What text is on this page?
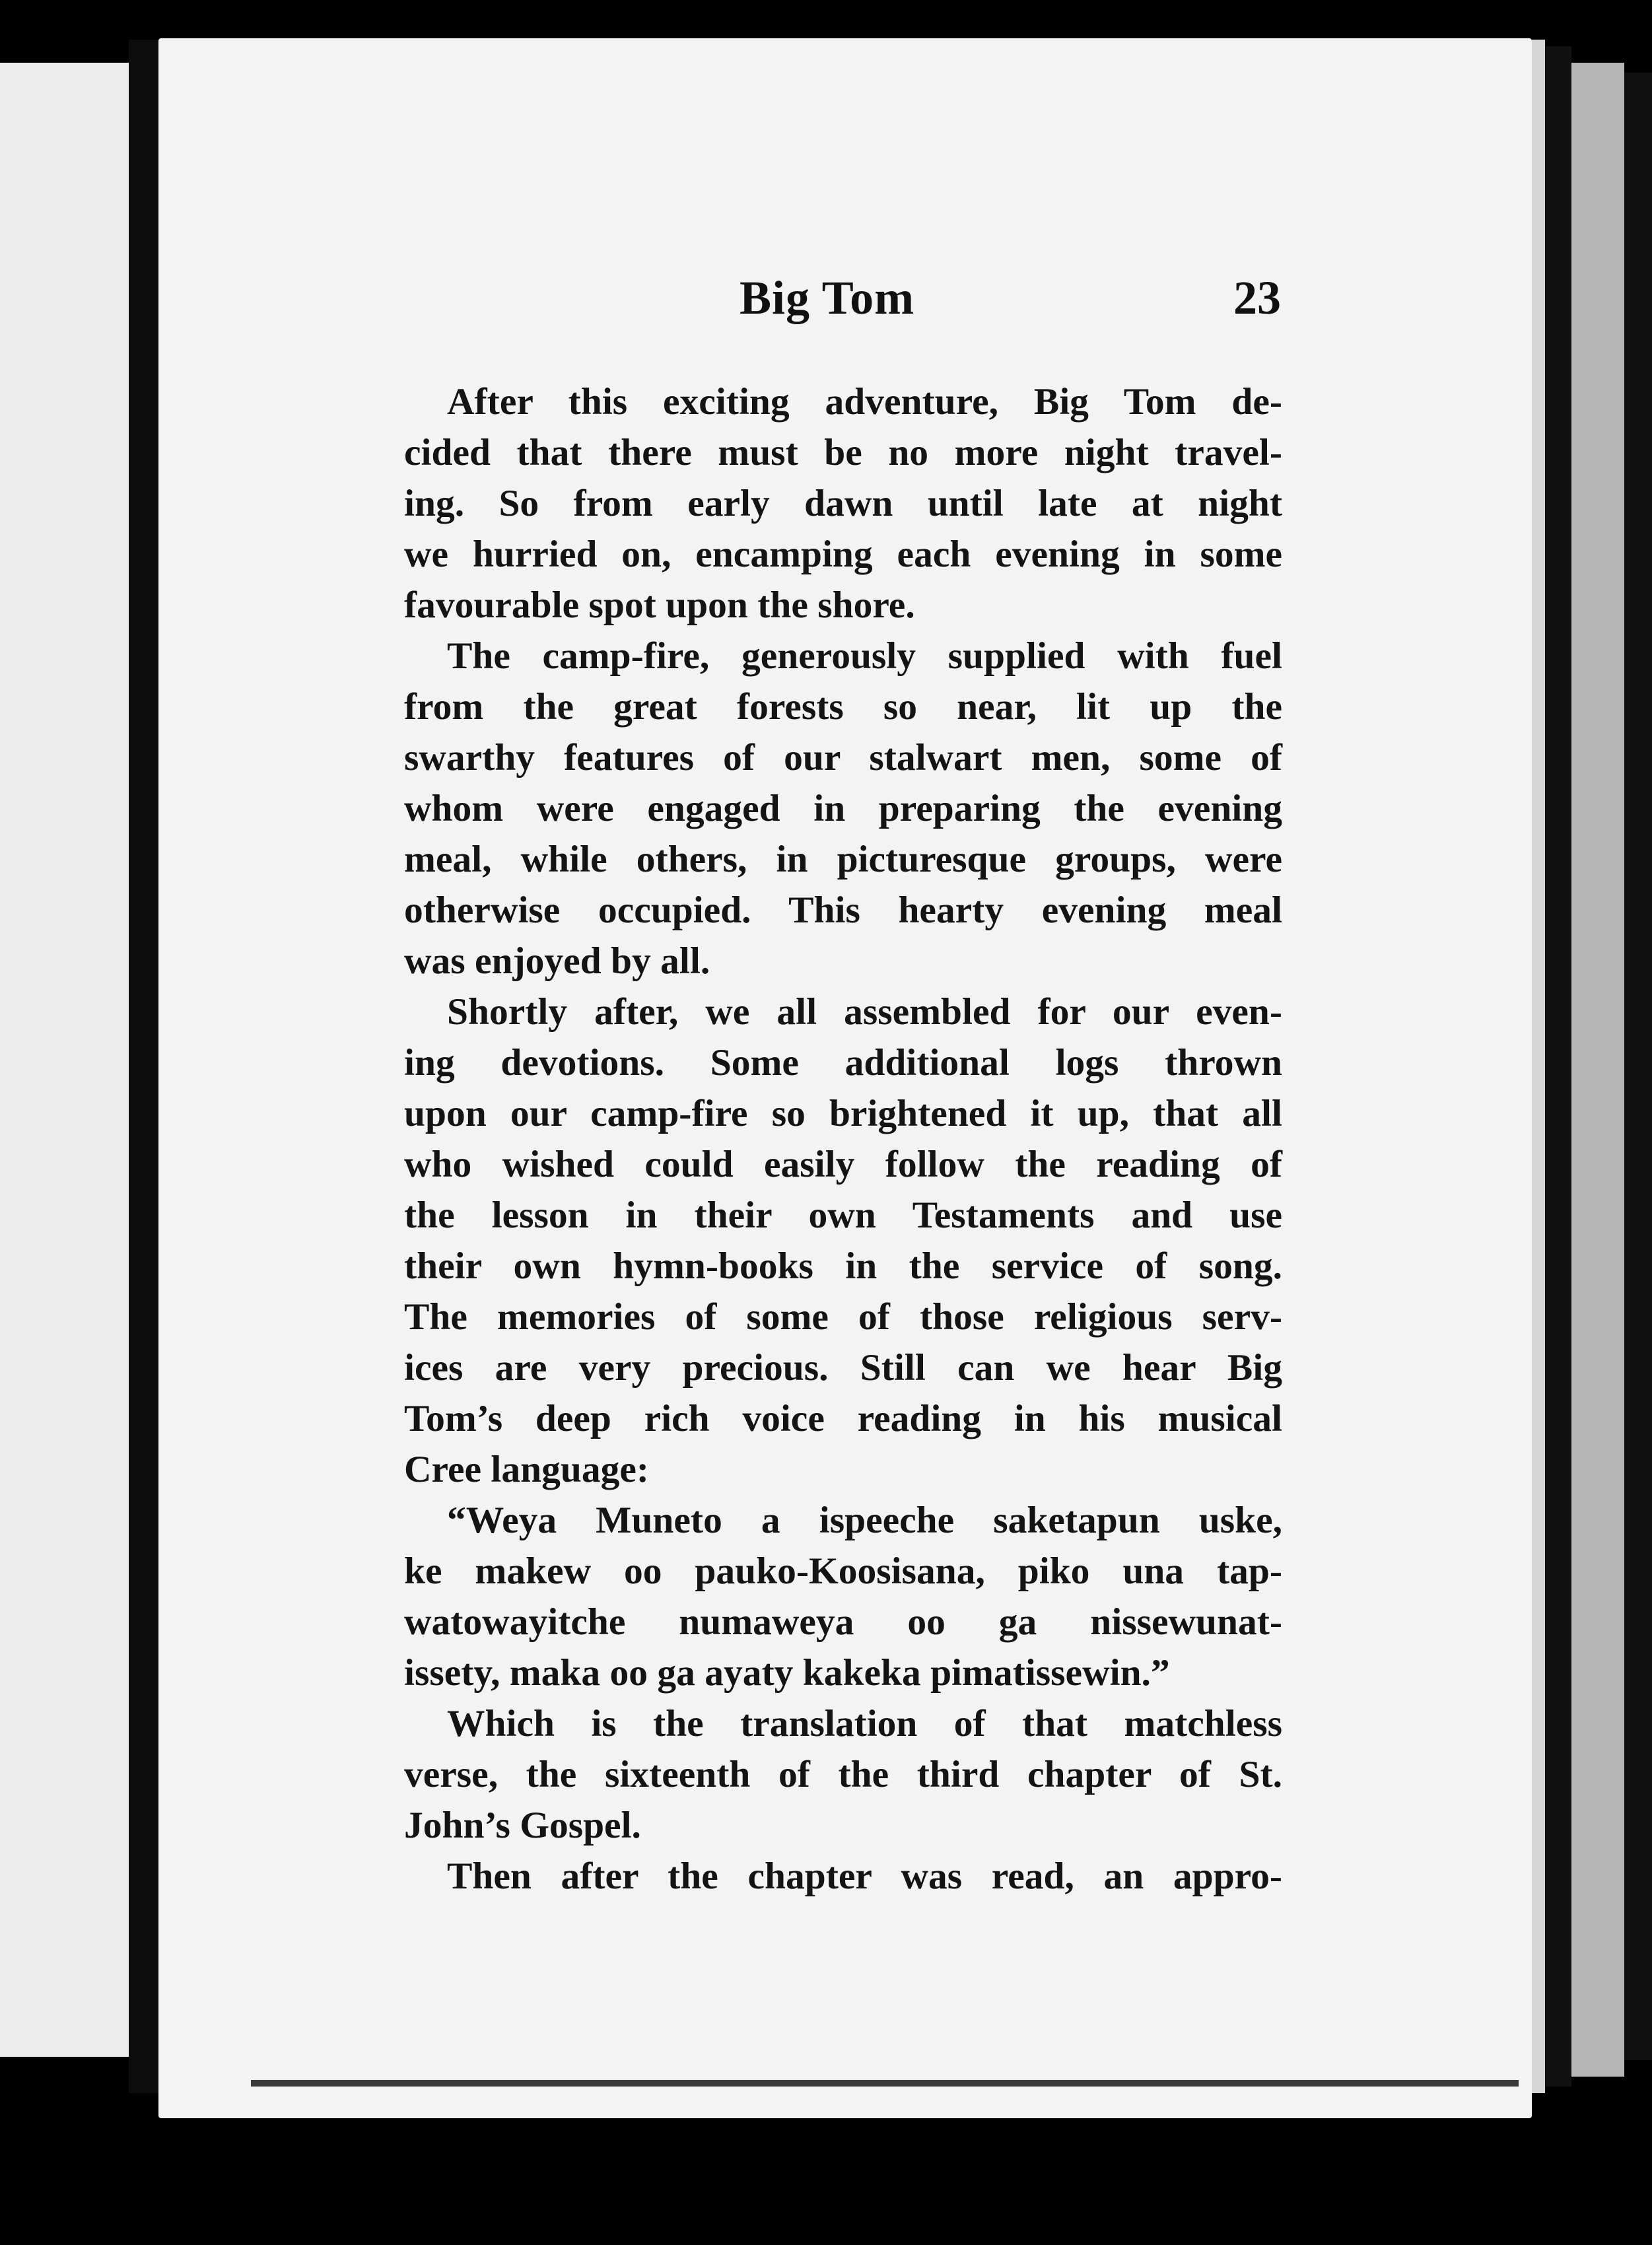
Big Tom	23
After this exciting adventure, Big Tom de-
cided that there must be no more night travel-
ing. So from early dawn until late at night
we hurried on, encamping each evening in some
favourable spot upon the shore.
The camp-fire, generously supplied with fuel
from the great forests so near, lit up the
swarthy features of our stalwart men, some of
whom were engaged in preparing the evening
meal, while others, in picturesque groups, were
otherwise occupied. This hearty evening meal
was enjoyed by all.
Shortly after, we all assembled for our even-
ing devotions. Some additional logs thrown
upon our camp-fire so brightened it up, that all
who wished could easily follow the reading of
the lesson in their own Testaments and use
their own hymn-books in the service of song.
The memories of some of those religious serv-
ices are very precious. Still can we hear Big
Tom’s deep rich voice reading in his musical
Cree language:
“Weya Muneto a ispeeche saketapun uske,
ke makew oo pauko-Koosisana, piko una tap-
watowayitche numaweya oo ga nissewunat-
issety, maka oo ga ayaty kakeka pimatissewin.”
Which is the translation of that matchless
verse, the sixteenth of the third chapter of St.
John’s Gospel.
Then after the chapter was read, an appro-
